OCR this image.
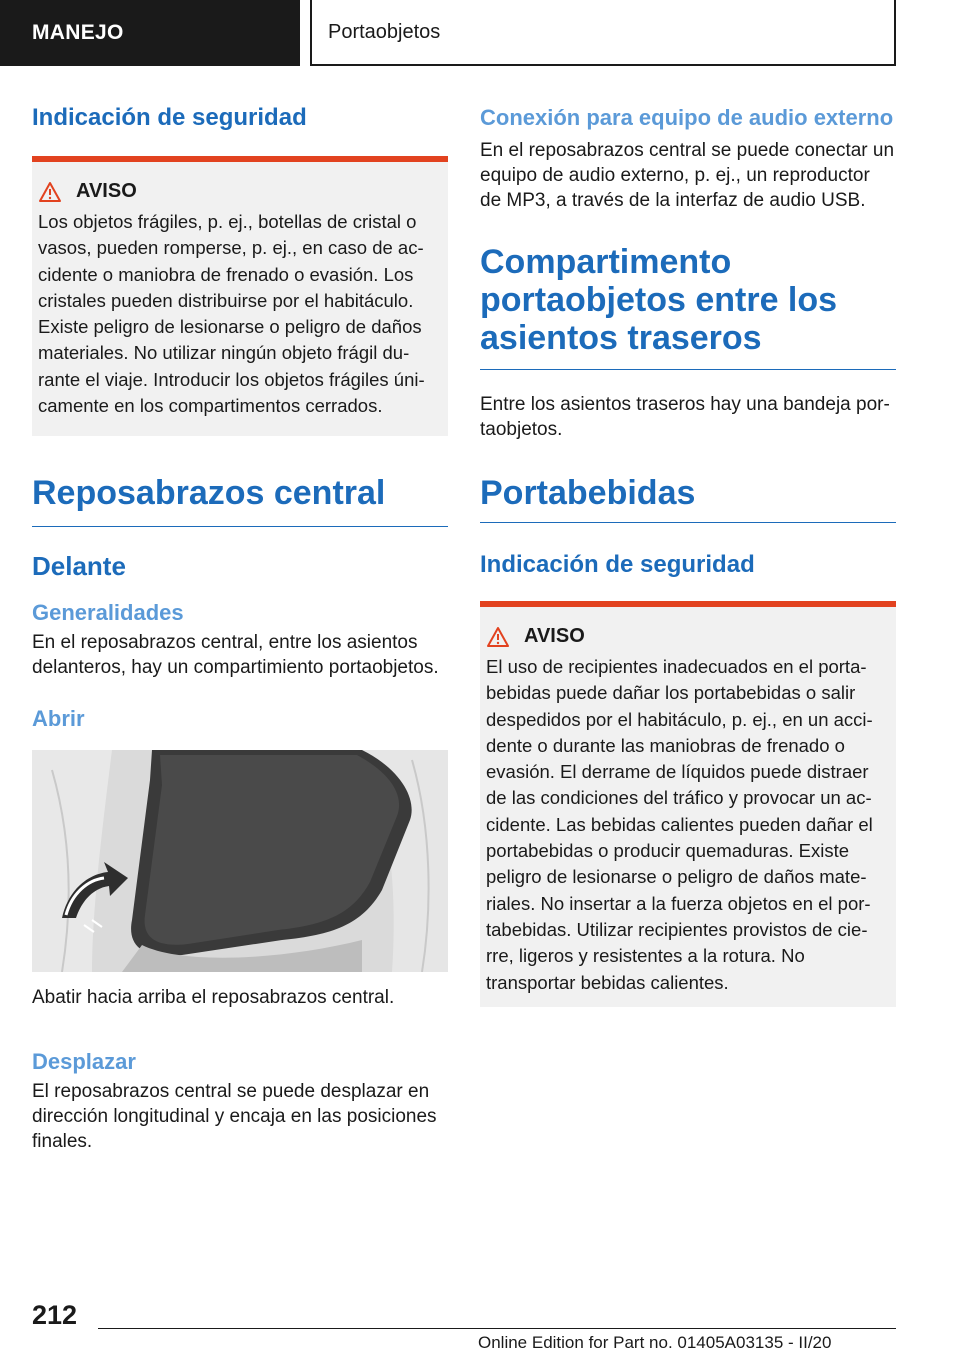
MANEJO	Portaobjetos
Indicación de seguridad
AVISO

Los objetos frágiles, p. ej., botellas de cristal o vasos, pueden romperse, p. ej., en caso de accidente o maniobra de frenado o evasión. Los cristales pueden distribuirse por el habitáculo. Existe peligro de lesionarse o peligro de daños materiales. No utilizar ningún objeto frágil durante el viaje. Introducir los objetos frágiles únicamente en los compartimentos cerrados.

Reposabrazos central
Delante
Generalidades

En el reposabrazos central, entre los asientos delanteros, hay un compartimiento portaobjetos.

Abrir

Abatir hacia arriba el reposabrazos central.

Desplazar

El reposabrazos central se puede desplazar en dirección longitudinal y encaja en las posiciones finales.

Conexión para equipo de audio externo

En el reposabrazos central se puede conectar un equipo de audio externo, p. ej., un reproductor de MP3, a través de la interfaz de audio USB.

Compartimento portaobjetos entre los asientos traseros

Entre los asientos traseros hay una bandeja portaobjetos.

Portabebidas
Indicación de seguridad
AVISO

El uso de recipientes inadecuados en el portabebidas puede dañar los portabebidas o salir despedidos por el habitáculo, p. ej., en un accidente o durante las maniobras de frenado o evasión. El derrame de líquidos puede distraer de las condiciones del tráfico y provocar un accidente. Las bebidas calientes pueden dañar el portabebidas o producir quemaduras. Existe peligro de lesionarse o peligro de daños materiales. No insertar a la fuerza objetos en el portabebidas. Utilizar recipientes provistos de cierre, ligeros y resistentes a la rotura. No transportar bebidas calientes.

212
Online Edition for Part no. 01405A03135 - II/20
